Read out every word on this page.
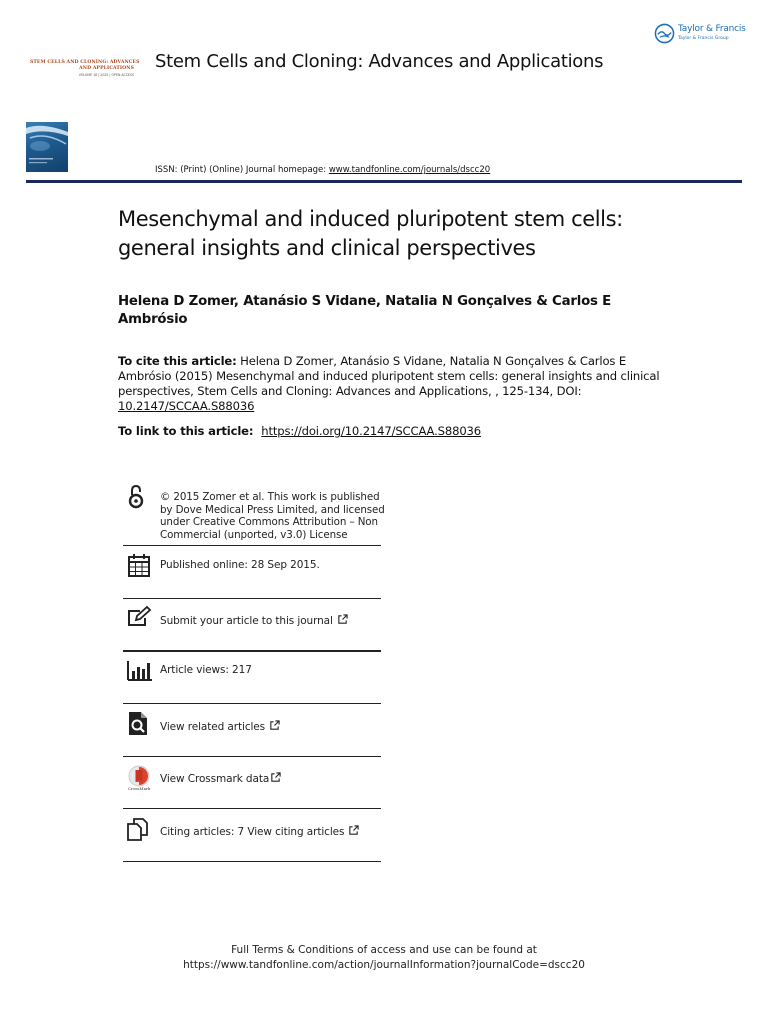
Taylor & Francis
Taylor & Francis Group
STEM CELLS AND CLONING: ADVANCES
AND APPLICATIONS
VOLUME 18 | 2025 | OPEN ACCESS
Stem Cells and Cloning: Advances and Applications
ISSN: (Print) (Online) Journal homepage: www.tandfonline.com/journals/dscc20
Mesenchymal and induced pluripotent stem cells: general insights and clinical perspectives
Helena D Zomer, Atanásio S Vidane, Natalia N Gonçalves & Carlos E Ambrósio
To cite this article: Helena D Zomer, Atanásio S Vidane, Natalia N Gonçalves & Carlos E Ambrósio (2015) Mesenchymal and induced pluripotent stem cells: general insights and clinical perspectives, Stem Cells and Cloning: Advances and Applications, , 125-134, DOI: 10.2147/SCCAA.S88036
To link to this article: https://doi.org/10.2147/SCCAA.S88036
© 2015 Zomer et al. This work is published by Dove Medical Press Limited, and licensed under Creative Commons Attribution – Non Commercial (unported, v3.0) License
Published online: 28 Sep 2015.
Submit your article to this journal
Article views: 217
View related articles
CrossMark
View Crossmark data
Citing articles: 7 View citing articles
Full Terms & Conditions of access and use can be found at
https://www.tandfonline.com/action/journalInformation?journalCode=dscc20
